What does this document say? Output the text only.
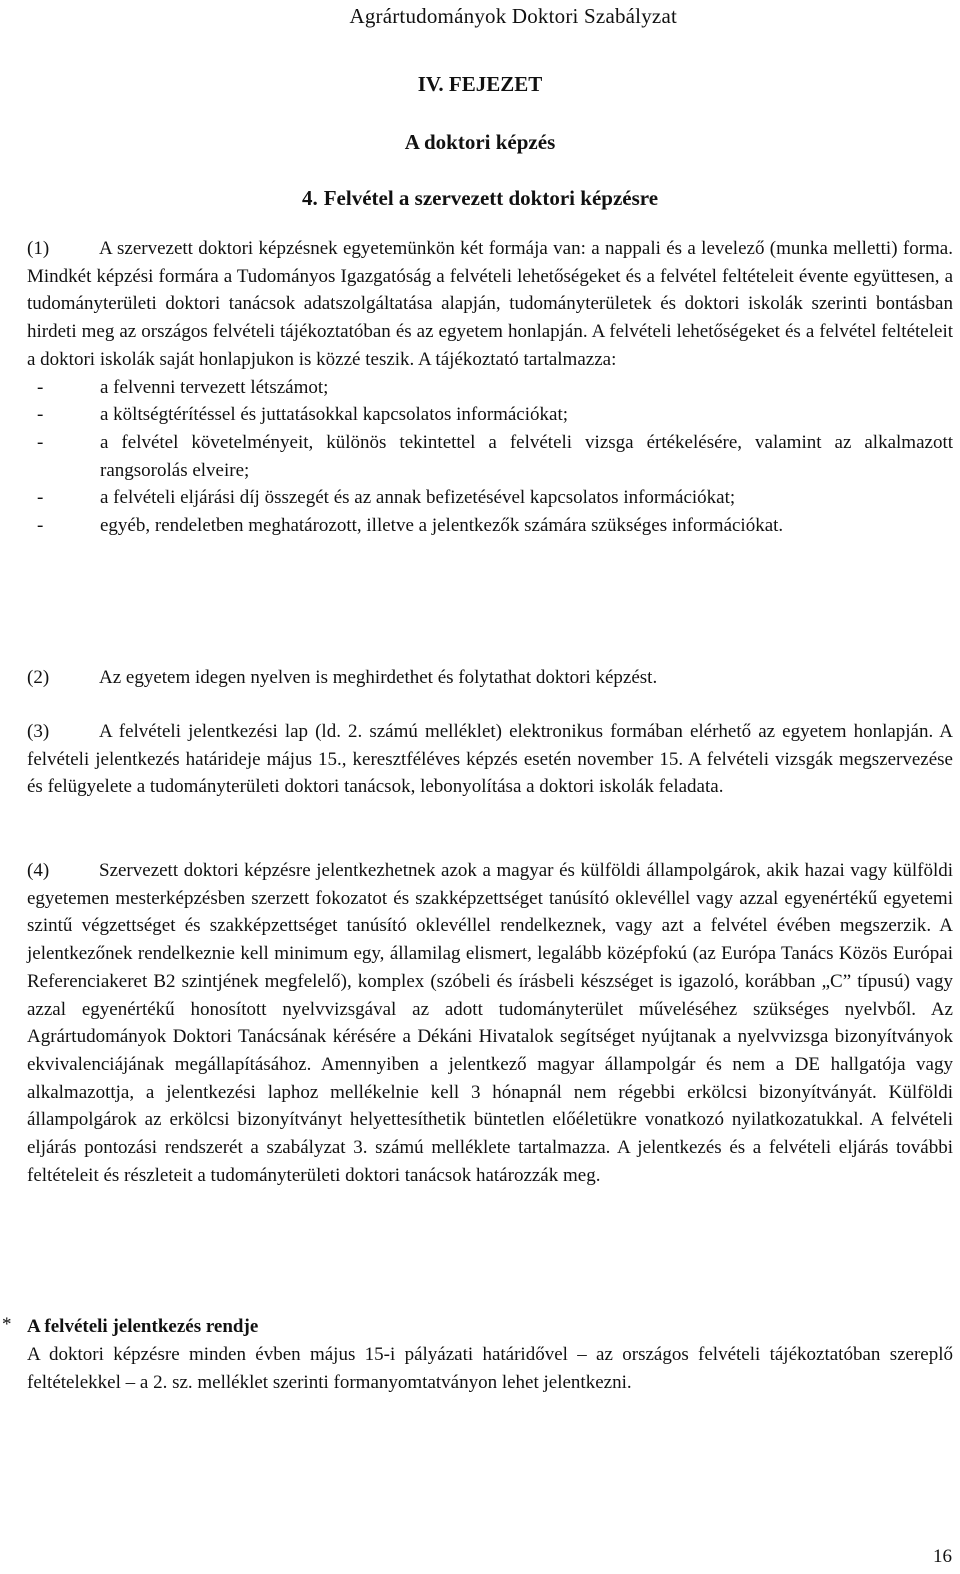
Agrártudományok Doktori Szabályzat
IV. FEJEZET
A doktori képzés
4. Felvétel a szervezett doktori képzésre
(1)	A szervezett doktori képzésnek egyetemünkön két formája van: a nappali és a levelező (munka melletti) forma. Mindkét képzési formára a Tudományos Igazgatóság a felvételi lehetőségeket és a felvétel feltételeit évente együttesen, a tudományterületi doktori tanácsok adatszolgáltatása alapján, tudományterületek és doktori iskolák szerinti bontásban hirdeti meg az országos felvételi tájékoztatóban és az egyetem honlapján. A felvételi lehetőségeket és a felvétel feltételeit a doktori iskolák saját honlapjukon is közzé teszik. A tájékoztató tartalmazza:
- a felvenni tervezett létszámot;
- a költségtérítéssel és juttatásokkal kapcsolatos információkat;
- a felvétel követelményeit, különös tekintettel a felvételi vizsga értékelésére, valamint az alkalmazott rangsorolás elveire;
- a felvételi eljárási díj összegét és az annak befizetésével kapcsolatos információkat;
- egyéb, rendeletben meghatározott, illetve a jelentkezők számára szükséges információkat.
(2)	Az egyetem idegen nyelven is meghirdethet és folytathat doktori képzést.
(3)	A felvételi jelentkezési lap (ld. 2. számú melléklet) elektronikus formában elérhető az egyetem honlapján. A felvételi jelentkezés határideje május 15., keresztféléves képzés esetén november 15. A felvételi vizsgák megszervezése és felügyelete a tudományterületi doktori tanácsok, lebonyolítása a doktori iskolák feladata.
(4)	Szervezett doktori képzésre jelentkezhetnek azok a magyar és külföldi állampolgárok, akik hazai vagy külföldi egyetemen mesterképzésben szerzett fokozatot és szakképzettséget tanúsító oklevéllel vagy azzal egyenértékű egyetemi szintű végzettséget és szakképzettséget tanúsító oklevéllel rendelkeznek, vagy azt a felvétel évében megszerzik. A jelentkezőnek rendelkeznie kell minimum egy, államilag elismert, legalább középfokú (az Európa Tanács Közös Európai Referenciakeret B2 szintjének megfelelő), komplex (szóbeli és írásbeli készséget is igazoló, korábban „C” típusú) vagy azzal egyenértékű honosított nyelvvizsgával az adott tudományterület műveléséhez szükséges nyelvből. Az Agrártudományok Doktori Tanácsának kérésére a Dékáni Hivatalok segítséget nyújtanak a nyelvvizsga bizonyítványok ekvivalenciájának megállapításához. Amennyiben a jelentkező magyar állampolgár és nem a DE hallgatója vagy alkalmazottja, a jelentkezési laphoz mellékelnie kell 3 hónapnál nem régebbi erkölcsi bizonyítványát. Külföldi állampolgárok az erkölcsi bizonyítványt helyettesíthetik büntetlen előéletükre vonatkozó nyilatkozatukkal. A felvételi eljárás pontozási rendszerét a szabályzat 3. számú melléklete tartalmazza. A jelentkezés és a felvételi eljárás további feltételeit és részleteit a tudományterületi doktori tanácsok határozzák meg.
* A felvételi jelentkezés rendje
A doktori képzésre minden évben május 15-i pályázati határidővel – az országos felvételi tájékoztatóban szereplő feltételekkel – a 2. sz. melléklet szerinti formanyomtatványon lehet jelentkezni.
16
